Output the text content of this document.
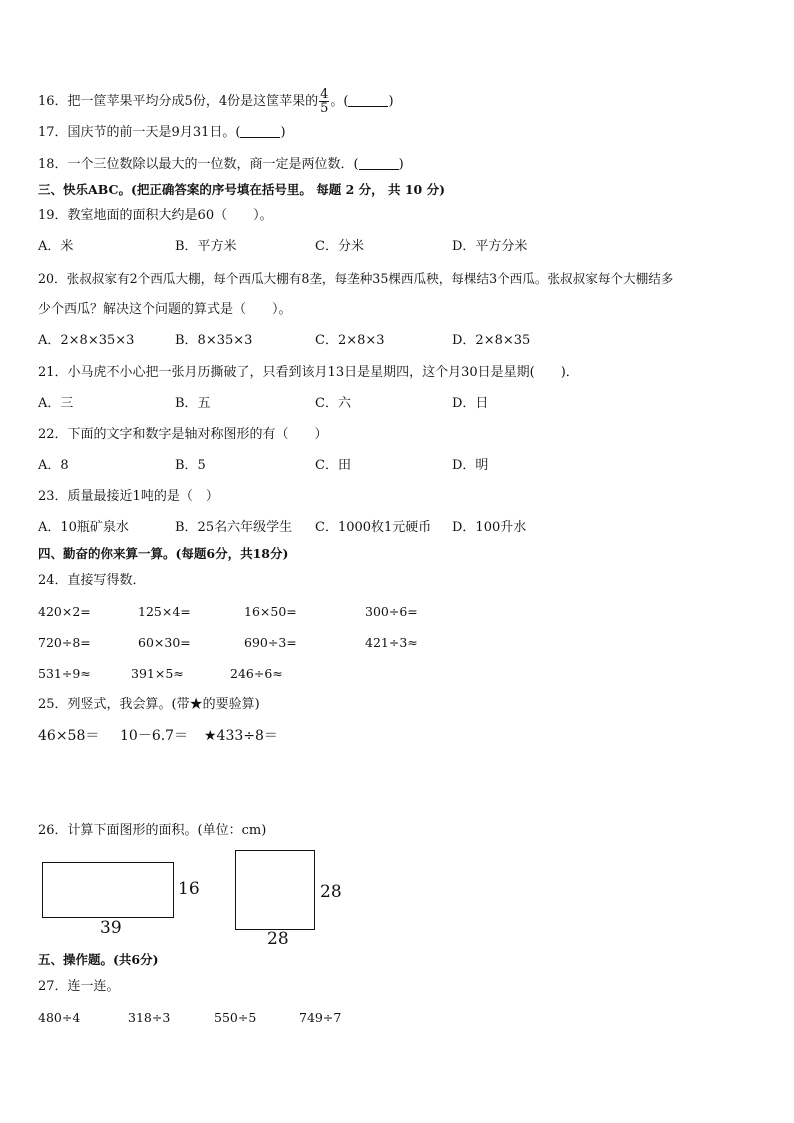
16．把一筐苹果平均分成5份，4份是这筐苹果的 $\frac{4}{5}$ 。(	)
17．国庆节的前一天是9月31日。(	)
18．一个三位数除以最大的一位数，商一定是两位数．(	)
三、快乐ABC。(把正确答案的序号填在括号里。 每题 2 分， 共 10 分)
19．教室地面的面积大约是60（　　）。
A．米	B．平方米	C．分米	D．平方分米
20．张叔叔家有2个西瓜大棚，每个西瓜大棚有8垄，每垄种35棵西瓜秧，每棵结3个西瓜。张叔叔家每个大棚结多
少个西瓜？解决这个问题的算式是（　　）。
A．2×8×35×3	B．8×35×3	C．2×8×3	D．2×8×35
21．小马虎不小心把一张月历撕破了，只看到该月13日是星期四，这个月30日是星期(　　)．
A．三	B．五	C．六	D．日
22．下面的文字和数字是轴对称图形的有（　　）
A．8	B．5	C．田	D．明
23．质量最接近1吨的是（　）
A．10瓶矿泉水	B．25名六年级学生 C．1000枚1元硬币 D．100升水
四、勤奋的你来算一算。(每题6分，共18分)
24．直接写得数．
420×2=	125×4=	16×50=	300÷6=
720÷8=	60×30=	690÷3=	421÷3≈
531÷9≈	391×5≈	246÷6≈
25．列竖式，我会算。(带★的要验算)
46×58＝ 10－6.7＝ ★433÷8＝
26．计算下面图形的面积。(单位：cm)
16
39
28
28
五、操作题。(共6分)
27．连一连。
480÷4	318÷3	550÷5	749÷7
